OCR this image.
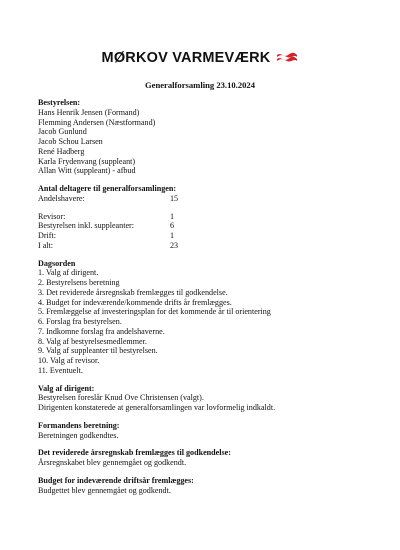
MØRKOV VARMEVÆRK
Generalforsamling 23.10.2024
Bestyrelsen:
Hans Henrik Jensen (Formand)
Flemming Andersen (Næstformand)
Jacob Gunlund
Jacob Schou Larsen
René Hadberg
Karla Frydenvang (suppleant)
Allan Witt (suppleant) - afbud
Antal deltagere til generalforsamlingen:
Andelshavere:	15
Revisor:	1
Bestyrelsen inkl. suppleanter:	6
Drift:	1
I alt:	23
Dagsorden
1. Valg af dirigent.
2. Bestyrelsens beretning
3. Det reviderede årsregnskab fremlægges til godkendelse.
4. Budget for indeværende/kommende drifts år fremlægges.
5. Fremlæggelse af investeringsplan for det kommende år til orientering
6. Forslag fra bestyrelsen.
7. Indkomne forslag fra andelshaverne.
8. Valg af bestyrelsesmedlemmer.
9. Valg af suppleanter til bestyrelsen.
10. Valg af revisor.
11. Eventuelt.
Valg af dirigent:
Bestyrelsen foreslår Knud Ove Christensen (valgt).
Dirigenten konstaterede at generalforsamlingen var lovformelig indkaldt.
Formandens beretning:
Beretningen godkendtes.
Det reviderede årsregnskab fremlægges til godkendelse:
Årsregnskabet blev gennemgået og godkendt.
Budget for indeværende driftsår fremlægges:
Budgettet blev gennemgået og godkendt.
